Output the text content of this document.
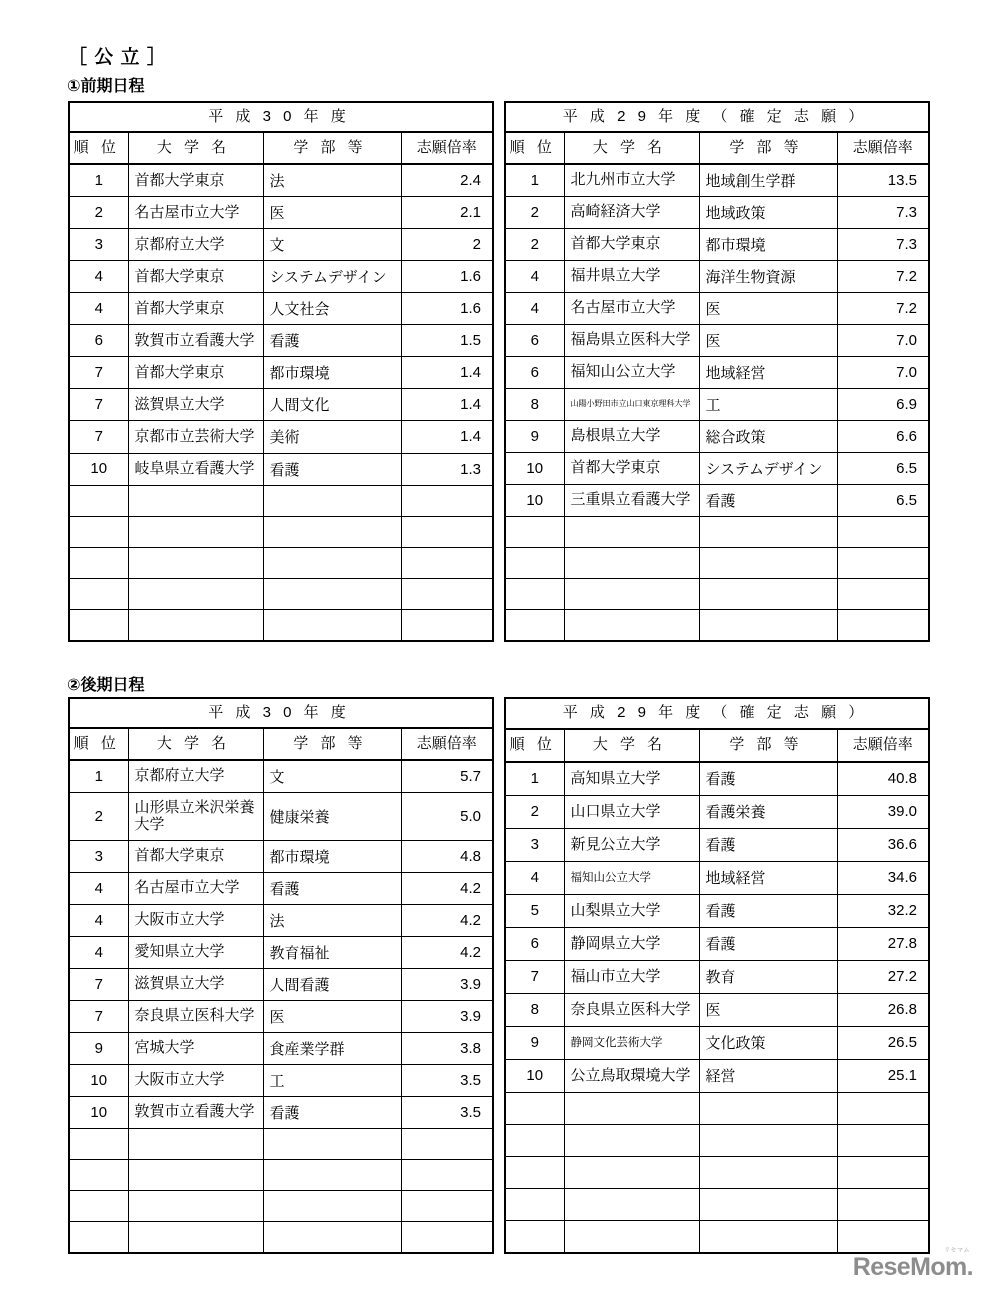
［ 公 立 ］
①前期日程
平 成 3 0 年 度			
順 位	大 学 名	学 部 等	志願倍率
1	首都大学東京	法	2.4
2	名古屋市立大学	医	2.1
3	京都府立大学	文	2
4	首都大学東京	システムデザイン	1.6
4	首都大学東京	人文社会	1.6
6	敦賀市立看護大学	看護	1.5
7	首都大学東京	都市環境	1.4
7	滋賀県立大学	人間文化	1.4
7	京都市立芸術大学	美術	1.4
10	岐阜県立看護大学	看護	1.3

平 成 2 9 年 度 （ 確 定 志 願 ）			
順 位	大 学 名	学 部 等	志願倍率
1	北九州市立大学	地域創生学群	13.5
2	高崎経済大学	地域政策	7.3
2	首都大学東京	都市環境	7.3
4	福井県立大学	海洋生物資源	7.2
4	名古屋市立大学	医	7.2
6	福島県立医科大学	医	7.0
6	福知山公立大学	地域経営	7.0
8	山陽小野田市立山口東京理科大学	工	6.9
9	島根県立大学	総合政策	6.6
10	首都大学東京	システムデザイン	6.5
10	三重県立看護大学	看護	6.5

②後期日程
平 成 3 0 年 度			
順 位	大 学 名	学 部 等	志願倍率
1	京都府立大学	文	5.7
2	山形県立米沢栄養大学	健康栄養	5.0
3	首都大学東京	都市環境	4.8
4	名古屋市立大学	看護	4.2
4	大阪市立大学	法	4.2
4	愛知県立大学	教育福祉	4.2
7	滋賀県立大学	人間看護	3.9
7	奈良県立医科大学	医	3.9
9	宮城大学	食産業学群	3.8
10	大阪市立大学	工	3.5
10	敦賀市立看護大学	看護	3.5

平 成 2 9 年 度 （ 確 定 志 願 ）			
順 位	大 学 名	学 部 等	志願倍率
1	高知県立大学	看護	40.8
2	山口県立大学	看護栄養	39.0
3	新見公立大学	看護	36.6
4	福知山公立大学	地域経営	34.6
5	山梨県立大学	看護	32.2
6	静岡県立大学	看護	27.8
7	福山市立大学	教育	27.2
8	奈良県立医科大学	医	26.8
9	静岡文化芸術大学	文化政策	26.5
10	公立鳥取環境大学	経営	25.1

リセマム
ReseMom.
